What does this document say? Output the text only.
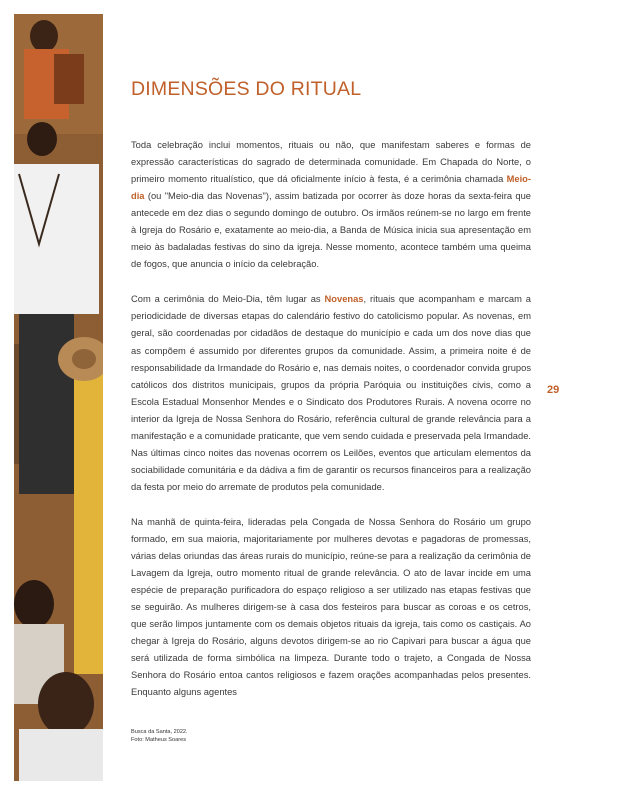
DIMENSÕES DO RITUAL

Toda celebração inclui momentos, rituais ou não, que manifestam saberes e formas de expressão características do sagrado de determinada comunidade. Em Chapada do Norte, o primeiro momento ritualístico, que dá oficialmente início à festa, é a cerimônia chamada Meio-dia (ou "Meio-dia das Novenas"), assim batizada por ocorrer às doze horas da sexta-feira que antecede em dez dias o segundo domingo de outubro. Os irmãos reúnem-se no largo em frente à Igreja do Rosário e, exatamente ao meio-dia, a Banda de Música inicia sua apresentação em meio às badaladas festivas do sino da igreja. Nesse momento, acontece também uma queima de fogos, que anuncia o início da celebração.

Com a cerimônia do Meio-Dia, têm lugar as Novenas, rituais que acompanham e marcam a periodicidade de diversas etapas do calendário festivo do catolicismo popular. As novenas, em geral, são coordenadas por cidadãos de destaque do município e cada um dos nove dias que as compõem é assumido por diferentes grupos da comunidade. Assim, a primeira noite é de responsabilidade da Irmandade do Rosário e, nas demais noites, o coordenador convida grupos católicos dos distritos municipais, grupos da própria Paróquia ou instituições civis, como a Escola Estadual Monsenhor Mendes e o Sindicato dos Produtores Rurais. A novena ocorre no interior da Igreja de Nossa Senhora do Rosário, referência cultural de grande relevância para a manifestação e a comunidade praticante, que vem sendo cuidada e preservada pela Irmandade. Nas últimas cinco noites das novenas ocorrem os Leilões, eventos que articulam elementos da sociabilidade comunitária e da dádiva a fim de garantir os recursos financeiros para a realização da festa por meio do arremate de produtos pela comunidade.

Na manhã de quinta-feira, lideradas pela Congada de Nossa Senhora do Rosário um grupo formado, em sua maioria, majoritariamente por mulheres devotas e pagadoras de promessas, várias delas oriundas das áreas rurais do município, reúne-se para a realização da cerimônia de Lavagem da Igreja, outro momento ritual de grande relevância. O ato de lavar incide em uma espécie de preparação purificadora do espaço religioso a ser utilizado nas etapas festivas que se seguirão. As mulheres dirigem-se à casa dos festeiros para buscar as coroas e os cetros, que serão limpos juntamente com os demais objetos rituais da igreja, tais como os castiçais. Ao chegar à Igreja do Rosário, alguns devotos dirigem-se ao rio Capivari para buscar a água que será utilizada de forma simbólica na limpeza. Durante todo o trajeto, a Congada de Nossa Senhora do Rosário entoa cantos religiosos e fazem orações acompanhadas pelos presentes. Enquanto alguns agentes

29
Busca da Santa, 2022.
Foto: Matheus Soares
